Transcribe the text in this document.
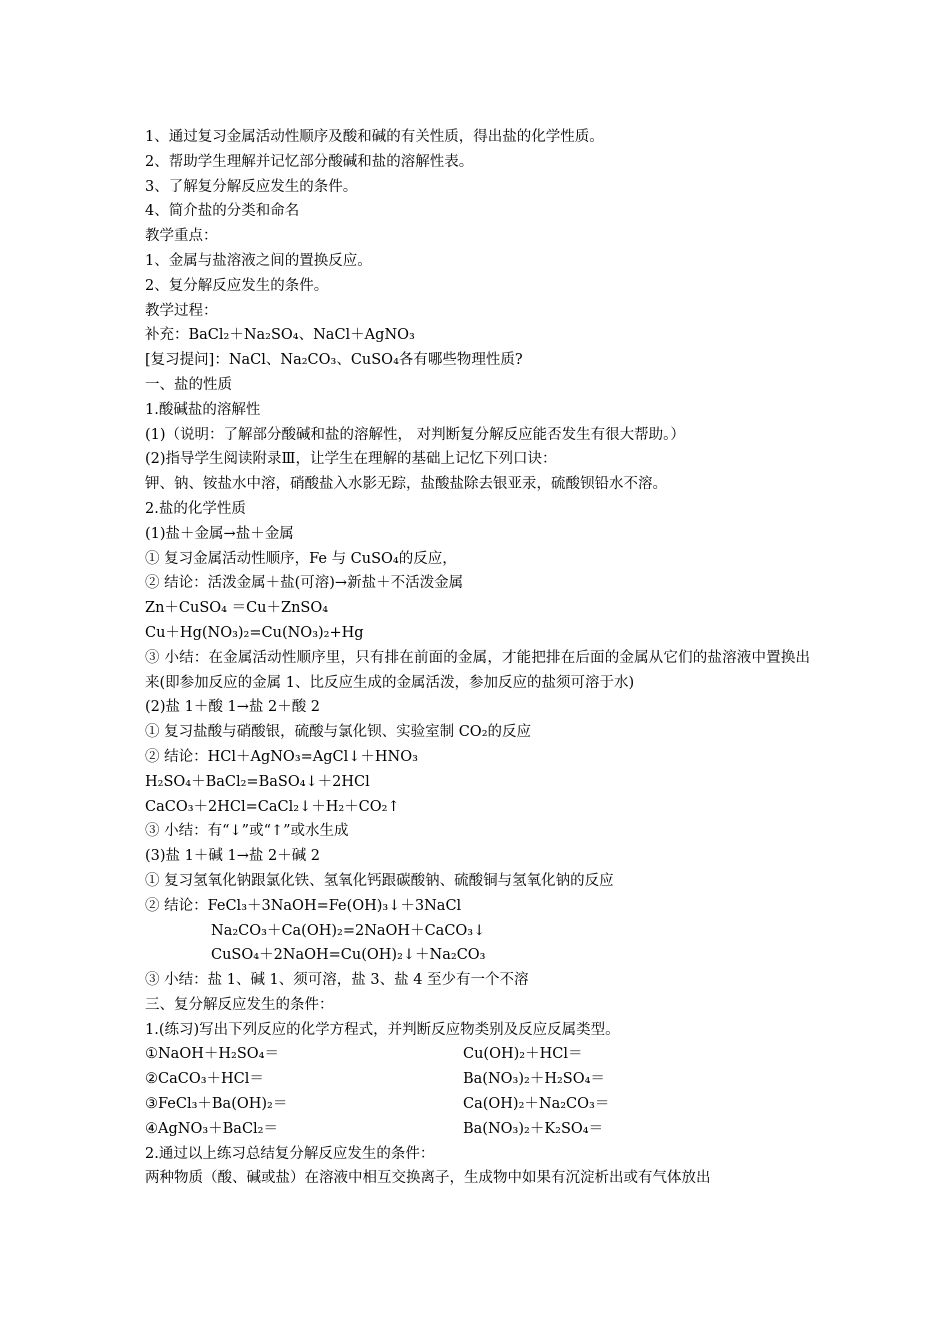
1、通过复习金属活动性顺序及酸和碱的有关性质，得出盐的化学性质。
2、帮助学生理解并记忆部分酸碱和盐的溶解性表。
3、了解复分解反应发生的条件。
4、简介盐的分类和命名
教学重点：
1、金属与盐溶液之间的置换反应。
2、复分解反应发生的条件。
教学过程：
补充：BaCl₂＋Na₂SO₄、NaCl＋AgNO₃
[复习提问]：NaCl、Na₂CO₃、CuSO₄各有哪些物理性质?
一、盐的性质
1.酸碱盐的溶解性
(1)（说明：了解部分酸碱和盐的溶解性， 对判断复分解反应能否发生有很大帮助。）
(2)指导学生阅读附录Ⅲ，让学生在理解的基础上记忆下列口诀：
钾、钠、铵盐水中溶，硝酸盐入水影无踪，盐酸盐除去银亚汞，硫酸钡铅水不溶。
2.盐的化学性质
(1)盐＋金属→盐＋金属
① 复习金属活动性顺序，Fe 与 CuSO₄的反应，
② 结论：活泼金属＋盐(可溶)→新盐＋不活泼金属
Zn＋CuSO₄ ＝Cu＋ZnSO₄
Cu＋Hg(NO₃)₂=Cu(NO₃)₂+Hg
③ 小结：在金属活动性顺序里，只有排在前面的金属，才能把排在后面的金属从它们的盐溶液中置换出来(即参加反应的金属 1、比反应生成的金属活泼，参加反应的盐须可溶于水)
(2)盐 1＋酸 1→盐 2＋酸 2
① 复习盐酸与硝酸银，硫酸与氯化钡、实验室制 CO₂的反应
② 结论：HCl＋AgNO₃=AgCl↓＋HNO₃
H₂SO₄＋BaCl₂=BaSO₄↓＋2HCl
CaCO₃＋2HCl=CaCl₂↓＋H₂＋CO₂↑
③ 小结：有“↓”或“↑”或水生成
(3)盐 1＋碱 1→盐 2＋碱 2
① 复习氢氧化钠跟氯化铁、氢氧化钙跟碳酸钠、硫酸铜与氢氧化钠的反应
② 结论：FeCl₃＋3NaOH=Fe(OH)₃↓＋3NaCl
Na₂CO₃＋Ca(OH)₂=2NaOH＋CaCO₃↓
CuSO₄＋2NaOH=Cu(OH)₂↓＋Na₂CO₃
③ 小结：盐 1、碱 1、须可溶，盐 3、盐 4 至少有一个不溶
三、复分解反应发生的条件：
1.(练习)写出下列反应的化学方程式，并判断反应物类别及反应反属类型。
①NaOH＋H₂SO₄＝	Cu(OH)₂＋HCl＝
②CaCO₃＋HCl＝	Ba(NO₃)₂＋H₂SO₄＝
③FeCl₃＋Ba(OH)₂＝	Ca(OH)₂＋Na₂CO₃＝
④AgNO₃＋BaCl₂＝	Ba(NO₃)₂＋K₂SO₄＝
2.通过以上练习总结复分解反应发生的条件：
两种物质（酸、碱或盐）在溶液中相互交换离子，生成物中如果有沉淀析出或有气体放出
